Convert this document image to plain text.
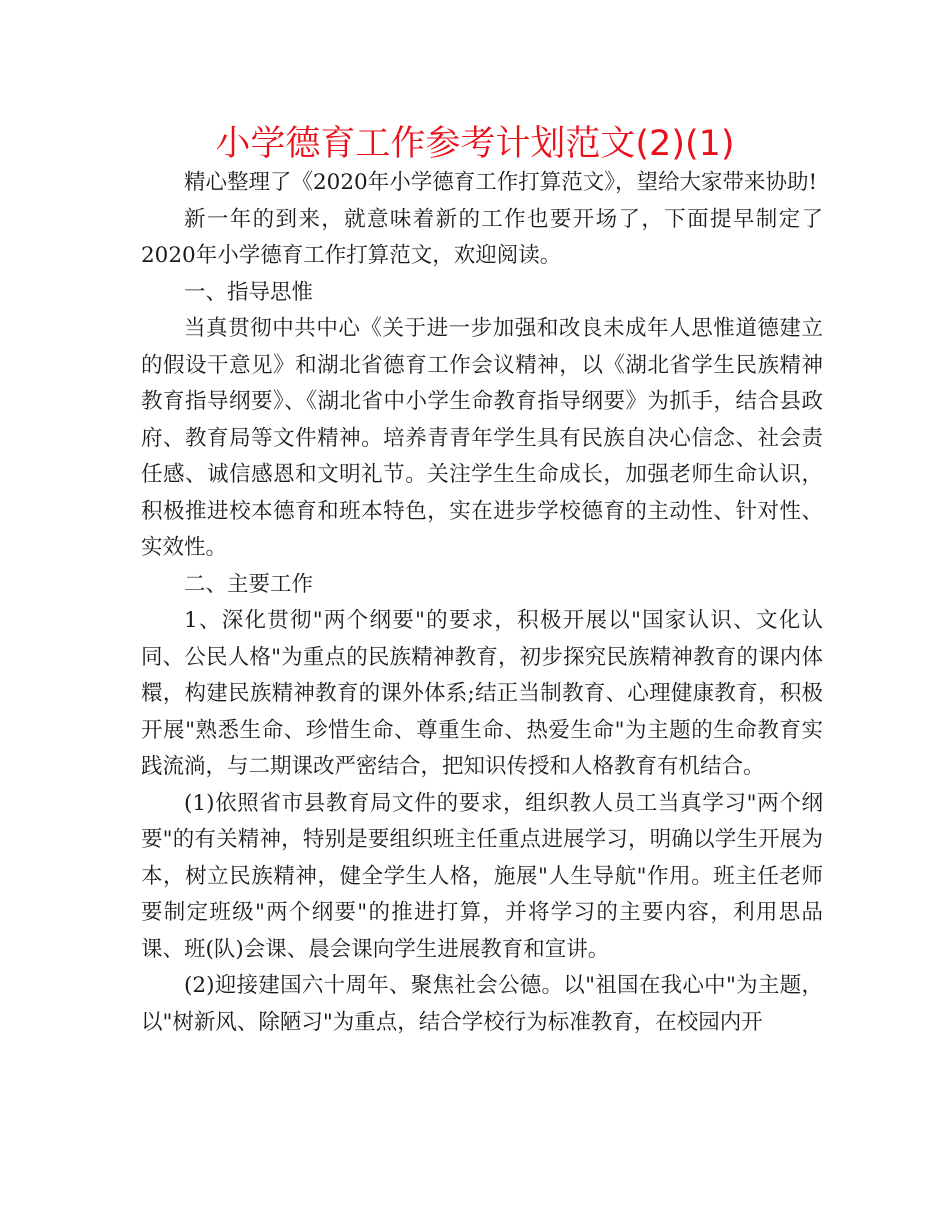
小学德育工作参考计划范文(2)(1)

精心整理了《2020年小学德育工作打算范文》，望给大家带来协助!

新一年的到来，就意味着新的工作也要开场了，下面提早制定了2020年小学德育工作打算范文，欢迎阅读。

一、指导思惟

当真贯彻中共中心《关于进一步加强和改良未成年人思惟道德建立的假设干意见》和湖北省德育工作会议精神，以《湖北省学生民族精神教育指导纲要》、《湖北省中小学生命教育指导纲要》为抓手，结合县政府、教育局等文件精神。培养青青年学生具有民族自决心信念、社会责任感、诚信感恩和文明礼节。关注学生生命成长，加强老师生命认识，积极推进校本德育和班本特色，实在进步学校德育的主动性、针对性、实效性。

二、主要工作

1、深化贯彻"两个纲要"的要求，积极开展以"国家认识、文化认同、公民人格"为重点的民族精神教育，初步探究民族精神教育的课内体糫，构建民族精神教育的课外体系;结正当制教育、心理健康教育，积极开展"熟悉生命、珍惜生命、尊重生命、热爱生命"为主题的生命教育实践流淌，与二期课改严密结合，把知识传授和人格教育有机结合。

(1)依照省市县教育局文件的要求，组织教人员工当真学习"两个纲要"的有关精神，特别是要组织班主任重点进展学习，明确以学生开展为本，树立民族精神，健全学生人格，施展"人生导航"作用。班主任老师要制定班级"两个纲要"的推进打算，并将学习的主要内容，利用思品课、班(队)会课、晨会课向学生进展教育和宣讲。

(2)迎接建国六十周年、聚焦社会公德。以"祖国在我心中"为主题，以"树新风、除陋习"为重点，结合学校行为标准教育，在校园内开
